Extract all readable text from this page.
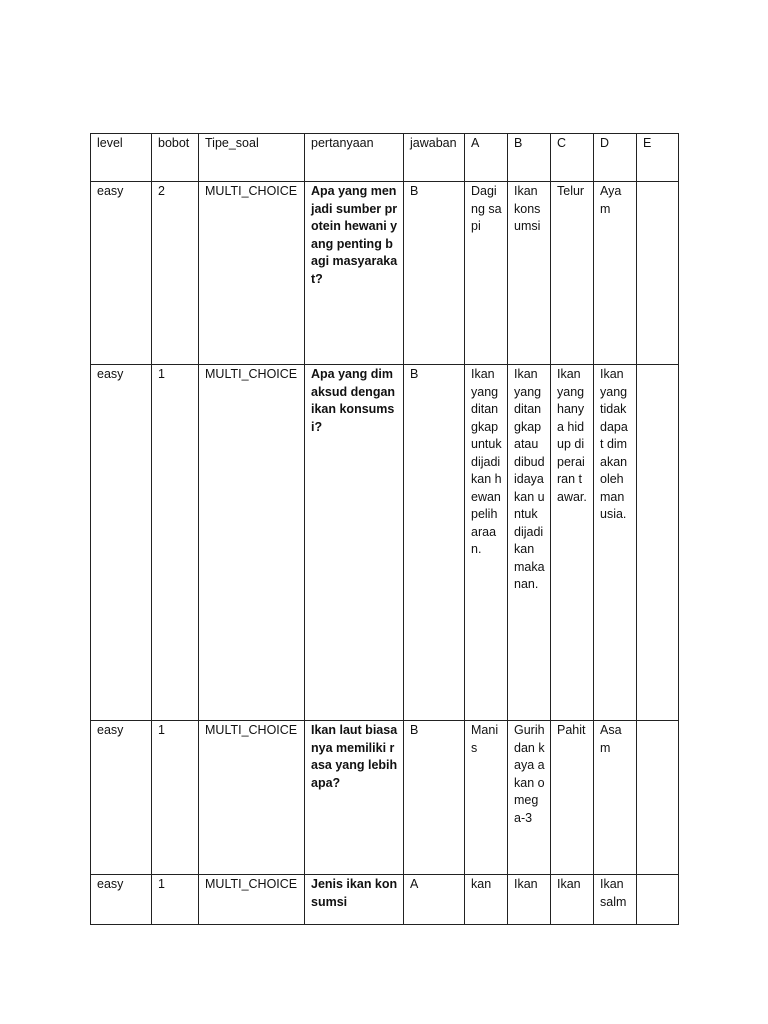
level	bobot	Tipe_soal	pertanyaan	jawaban	A	B	C	D	E
easy	2	MULTI_CHOICE	Apa yang menjadi sumber protein hewani yang penting bagi masyarakat?	B	Daging sapi	Ikan konsumsi	Telur	Ayam	
easy	1	MULTI_CHOICE	Apa yang dimaksud dengan ikan konsumsi?	B	Ikan yang ditangkap untuk dijadikan hewan peliharaan.	Ikan yang ditangkap atau dibudidayakan untuk dijadikan makanan.	Ikan yang hanya hidup di perairan tawar.	Ikan yang tidak dapat dimakan oleh manusia.	
easy	1	MULTI_CHOICE	Ikan laut biasanya memiliki rasa yang lebih apa?	B	Manis	Gurih dan kaya akan omega-3	Pahit	Asam	
easy	1	MULTI_CHOICE	Jenis ikan konsumsi	A	kan	Ikan	Ikan	Ikan salm	
